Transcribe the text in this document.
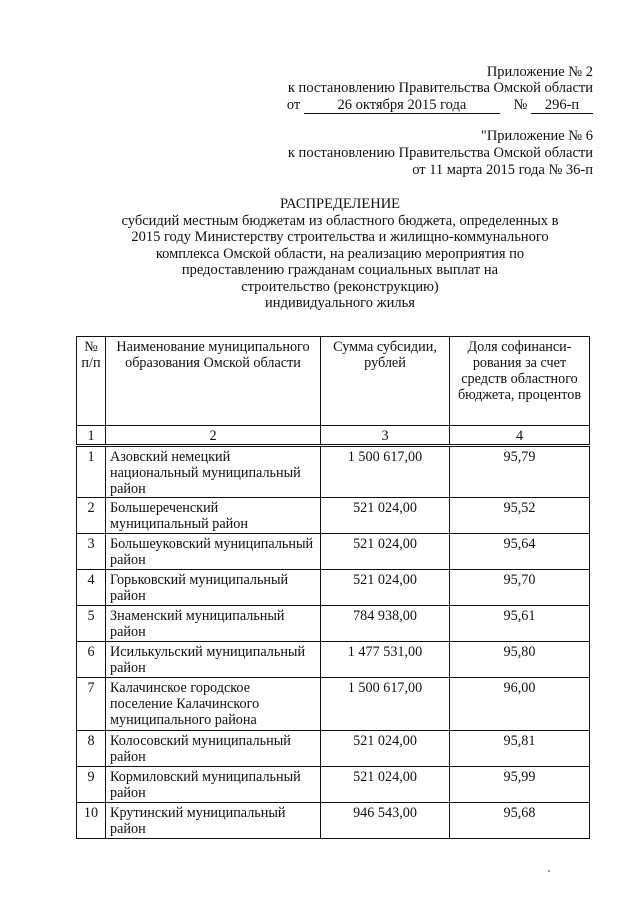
Приложение № 2
к постановлению Правительства Омской области
от	26 октября 2015 года	№ 296-п
"Приложение № 6
к постановлению Правительства Омской области
от 11 марта 2015 года № 36-п
РАСПРЕДЕЛЕНИЕ
субсидий местным бюджетам из областного бюджета, определенных в
2015 году Министерству строительства и жилищно-коммунального
комплекса Омской области, на реализацию мероприятия по
предоставлению гражданам социальных выплат на
строительство (реконструкцию)
индивидуального жилья
№ п/п	Наименование муниципального образования Омской области	Сумма субсидии, рублей	Доля софинанси-рования за счет средств областного бюджета, процентов
1	2	3	4
1	Азовский немецкий национальный муниципальный район	1 500 617,00	95,79
2	Большереченский муниципальный район	521 024,00	95,52
3	Большеуковский муниципальный район	521 024,00	95,64
4	Горьковский муниципальный район	521 024,00	95,70
5	Знаменский муниципальный район	784 938,00	95,61
6	Исилькульский муниципальный район	1 477 531,00	95,80
7	Калачинское городское поселение Калачинского муниципального района	1 500 617,00	96,00
8	Колосовский муниципальный район	521 024,00	95,81
9	Кормиловский муниципальный район	521 024,00	95,99
10	Крутинский муниципальный район	946 543,00	95,68
